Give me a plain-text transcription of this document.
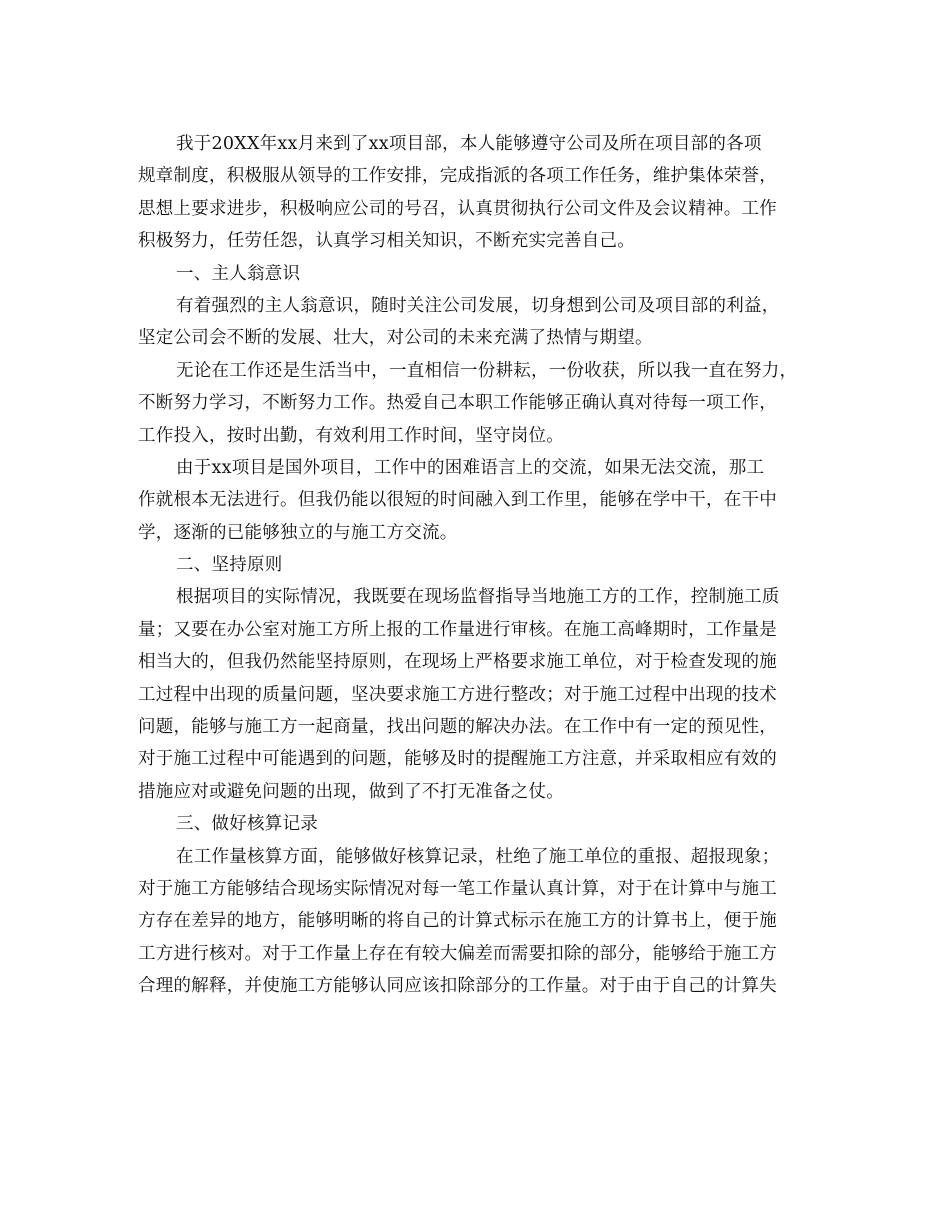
我于20XX年xx月来到了xx项目部，本人能够遵守公司及所在项目部的各项
规章制度，积极服从领导的工作安排，完成指派的各项工作任务，维护集体荣誉，
思想上要求进步，积极响应公司的号召，认真贯彻执行公司文件及会议精神。工作
积极努力，任劳任怨，认真学习相关知识，不断充实完善自己。
一、主人翁意识
有着强烈的主人翁意识，随时关注公司发展，切身想到公司及项目部的利益，
坚定公司会不断的发展、壮大，对公司的未来充满了热情与期望。
无论在工作还是生活当中，一直相信一份耕耘，一份收获，所以我一直在努力，
不断努力学习，不断努力工作。热爱自己本职工作能够正确认真对待每一项工作，
工作投入，按时出勤，有效利用工作时间，坚守岗位。
由于xx项目是国外项目，工作中的困难语言上的交流，如果无法交流，那工
作就根本无法进行。但我仍能以很短的时间融入到工作里，能够在学中干，在干中
学，逐渐的已能够独立的与施工方交流。
二、坚持原则
根据项目的实际情况，我既要在现场监督指导当地施工方的工作，控制施工质
量；又要在办公室对施工方所上报的工作量进行审核。在施工高峰期时，工作量是
相当大的，但我仍然能坚持原则，在现场上严格要求施工单位，对于检查发现的施
工过程中出现的质量问题，坚决要求施工方进行整改；对于施工过程中出现的技术
问题，能够与施工方一起商量，找出问题的解决办法。在工作中有一定的预见性，
对于施工过程中可能遇到的问题，能够及时的提醒施工方注意，并采取相应有效的
措施应对或避免问题的出现，做到了不打无准备之仗。
三、做好核算记录
在工作量核算方面，能够做好核算记录，杜绝了施工单位的重报、超报现象；
对于施工方能够结合现场实际情况对每一笔工作量认真计算，对于在计算中与施工
方存在差异的地方，能够明晰的将自己的计算式标示在施工方的计算书上，便于施
工方进行核对。对于工作量上存在有较大偏差而需要扣除的部分，能够给于施工方
合理的解释，并使施工方能够认同应该扣除部分的工作量。对于由于自己的计算失
